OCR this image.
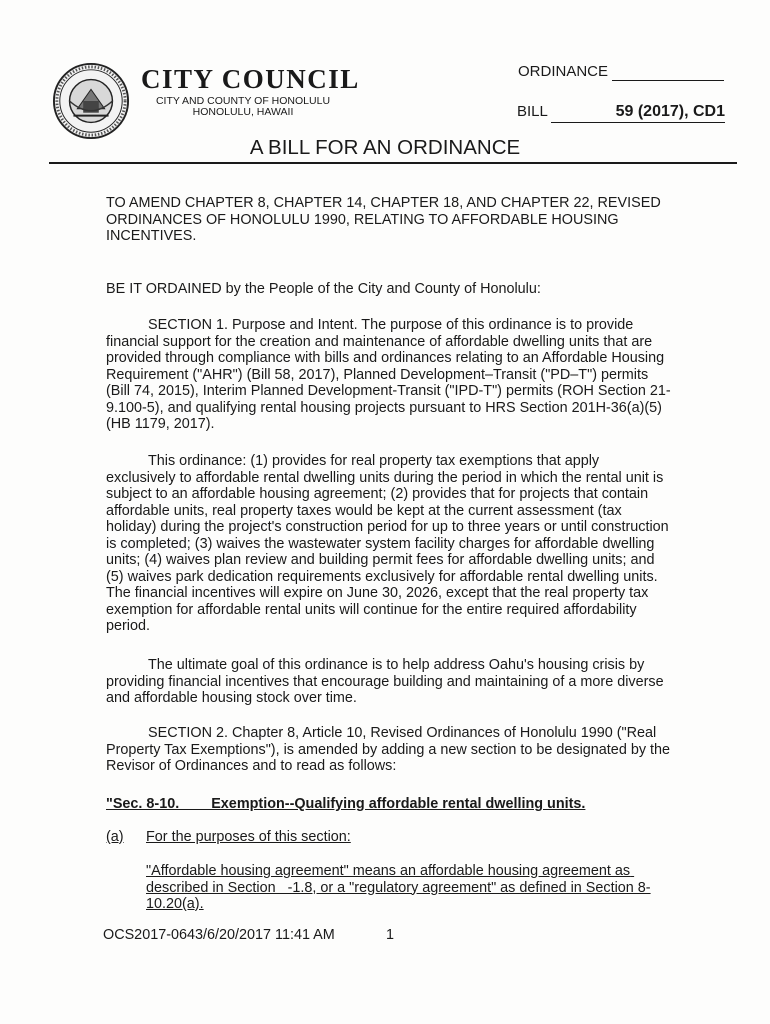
CITY COUNCIL
CITY AND COUNTY OF HONOLULU
HONOLULU, HAWAII
ORDINANCE
BILL	59 (2017), CD1
A BILL FOR AN ORDINANCE

TO AMEND CHAPTER 8, CHAPTER 14, CHAPTER 18, AND CHAPTER 22, REVISED ORDINANCES OF HONOLULU 1990, RELATING TO AFFORDABLE HOUSING INCENTIVES.

BE IT ORDAINED by the People of the City and County of Honolulu:

SECTION 1. Purpose and Intent. The purpose of this ordinance is to provide financial support for the creation and maintenance of affordable dwelling units that are provided through compliance with bills and ordinances relating to an Affordable Housing Requirement ("AHR") (Bill 58, 2017), Planned Development–Transit ("PD–T") permits (Bill 74, 2015), Interim Planned Development-Transit ("IPD-T") permits (ROH Section 21-9.100-5), and qualifying rental housing projects pursuant to HRS Section 201H-36(a)(5) (HB 1179, 2017).

This ordinance: (1) provides for real property tax exemptions that apply exclusively to affordable rental dwelling units during the period in which the rental unit is subject to an affordable housing agreement; (2) provides that for projects that contain affordable units, real property taxes would be kept at the current assessment (tax holiday) during the project's construction period for up to three years or until construction is completed; (3) waives the wastewater system facility charges for affordable dwelling units; (4) waives plan review and building permit fees for affordable dwelling units; and (5) waives park dedication requirements exclusively for affordable rental dwelling units. The financial incentives will expire on June 30, 2026, except that the real property tax exemption for affordable rental units will continue for the entire required affordability period.

The ultimate goal of this ordinance is to help address Oahu's housing crisis by providing financial incentives that encourage building and maintaining of a more diverse and affordable housing stock over time.

SECTION 2. Chapter 8, Article 10, Revised Ordinances of Honolulu 1990 ("Real Property Tax Exemptions"), is amended by adding a new section to be designated by the Revisor of Ordinances and to read as follows:

"Sec. 8-10.        Exemption--Qualifying affordable rental dwelling units.

(a)	For the purposes of this section:

"Affordable housing agreement" means an affordable housing agreement as described in Section   -1.8, or a "regulatory agreement" as defined in Section 8-10.20(a).

OCS2017-0643/6/20/2017 11:41 AM	1
